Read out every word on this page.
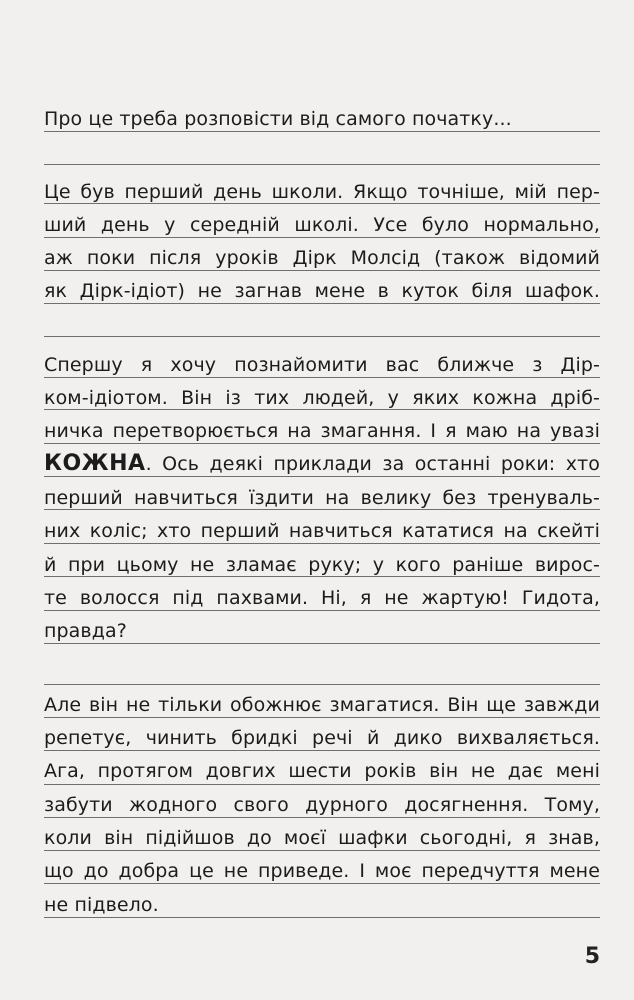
Про це треба розповісти від самого початку...
Це був перший день школи. Якщо точніше, мій пер-
ший день у середній школі. Усе було нормально,
аж поки після уроків Дірк Молсід (також відомий
як Дірк-ідіот) не загнав мене в куток біля шафок.
Спершу я хочу познайомити вас ближче з Дір-
ком-ідіотом. Він із тих людей, у яких кожна дріб-
ничка перетворюється на змагання. І я маю на увазі
КОЖНА. Ось деякі приклади за останні роки: хто
перший навчиться їздити на велику без тренуваль-
них коліс; хто перший навчиться кататися на скейті
й при цьому не зламає руку; у кого раніше вирос-
те волосся під пахвами. Ні, я не жартую! Гидота,
правда?
Але він не тільки обожнює змагатися. Він ще завжди
репетує, чинить бридкі речі й дико вихваляється.
Ага, протягом довгих шести років він не дає мені
забути жодного свого дурного досягнення. Тому,
коли він підійшов до моєї шафки сьогодні, я знав,
що до добра це не приведе. І моє передчуття мене
не підвело.
5
